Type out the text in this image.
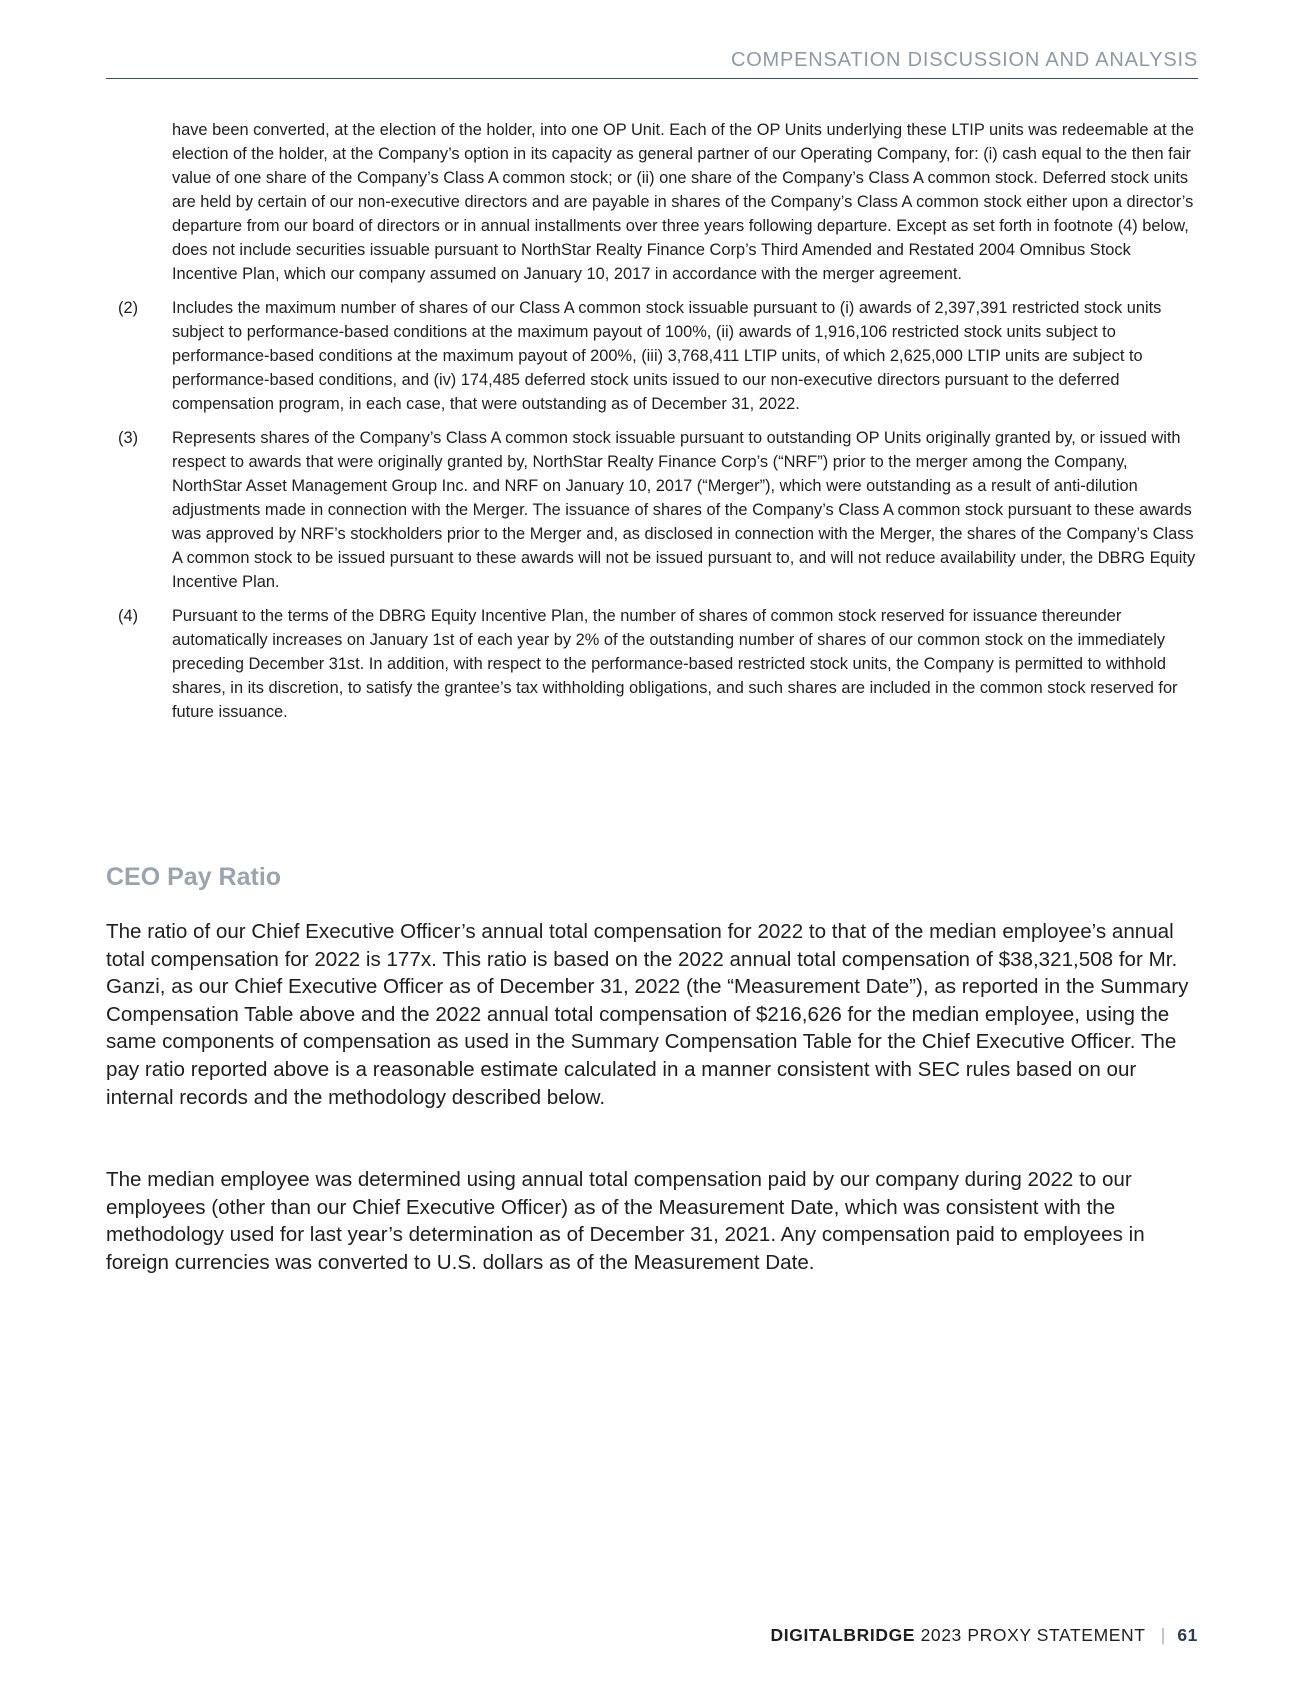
COMPENSATION DISCUSSION AND ANALYSIS

have been converted, at the election of the holder, into one OP Unit. Each of the OP Units underlying these LTIP units was redeemable at the election of the holder, at the Company’s option in its capacity as general partner of our Operating Company, for: (i) cash equal to the then fair value of one share of the Company’s Class A common stock; or (ii) one share of the Company’s Class A common stock. Deferred stock units are held by certain of our non-executive directors and are payable in shares of the Company’s Class A common stock either upon a director’s departure from our board of directors or in annual installments over three years following departure. Except as set forth in footnote (4) below, does not include securities issuable pursuant to NorthStar Realty Finance Corp’s Third Amended and Restated 2004 Omnibus Stock Incentive Plan, which our company assumed on January 10, 2017 in accordance with the merger agreement.

(2) Includes the maximum number of shares of our Class A common stock issuable pursuant to (i) awards of 2,397,391 restricted stock units subject to performance-based conditions at the maximum payout of 100%, (ii) awards of 1,916,106 restricted stock units subject to performance-based conditions at the maximum payout of 200%, (iii) 3,768,411 LTIP units, of which 2,625,000 LTIP units are subject to performance-based conditions, and (iv) 174,485 deferred stock units issued to our non-executive directors pursuant to the deferred compensation program, in each case, that were outstanding as of December 31, 2022.

(3) Represents shares of the Company’s Class A common stock issuable pursuant to outstanding OP Units originally granted by, or issued with respect to awards that were originally granted by, NorthStar Realty Finance Corp’s (“NRF”) prior to the merger among the Company, NorthStar Asset Management Group Inc. and NRF on January 10, 2017 (“Merger”), which were outstanding as a result of anti-dilution adjustments made in connection with the Merger. The issuance of shares of the Company’s Class A common stock pursuant to these awards was approved by NRF’s stockholders prior to the Merger and, as disclosed in connection with the Merger, the shares of the Company’s Class A common stock to be issued pursuant to these awards will not be issued pursuant to, and will not reduce availability under, the DBRG Equity Incentive Plan.

(4) Pursuant to the terms of the DBRG Equity Incentive Plan, the number of shares of common stock reserved for issuance thereunder automatically increases on January 1st of each year by 2% of the outstanding number of shares of our common stock on the immediately preceding December 31st. In addition, with respect to the performance-based restricted stock units, the Company is permitted to withhold shares, in its discretion, to satisfy the grantee’s tax withholding obligations, and such shares are included in the common stock reserved for future issuance.

CEO Pay Ratio

The ratio of our Chief Executive Officer’s annual total compensation for 2022 to that of the median employee’s annual total compensation for 2022 is 177x. This ratio is based on the 2022 annual total compensation of $38,321,508 for Mr. Ganzi, as our Chief Executive Officer as of December 31, 2022 (the “Measurement Date”), as reported in the Summary Compensation Table above and the 2022 annual total compensation of $216,626 for the median employee, using the same components of compensation as used in the Summary Compensation Table for the Chief Executive Officer. The pay ratio reported above is a reasonable estimate calculated in a manner consistent with SEC rules based on our internal records and the methodology described below.

The median employee was determined using annual total compensation paid by our company during 2022 to our employees (other than our Chief Executive Officer) as of the Measurement Date, which was consistent with the methodology used for last year’s determination as of December 31, 2021. Any compensation paid to employees in foreign currencies was converted to U.S. dollars as of the Measurement Date.

DIGITALBRIDGE 2023 PROXY STATEMENT | 61
